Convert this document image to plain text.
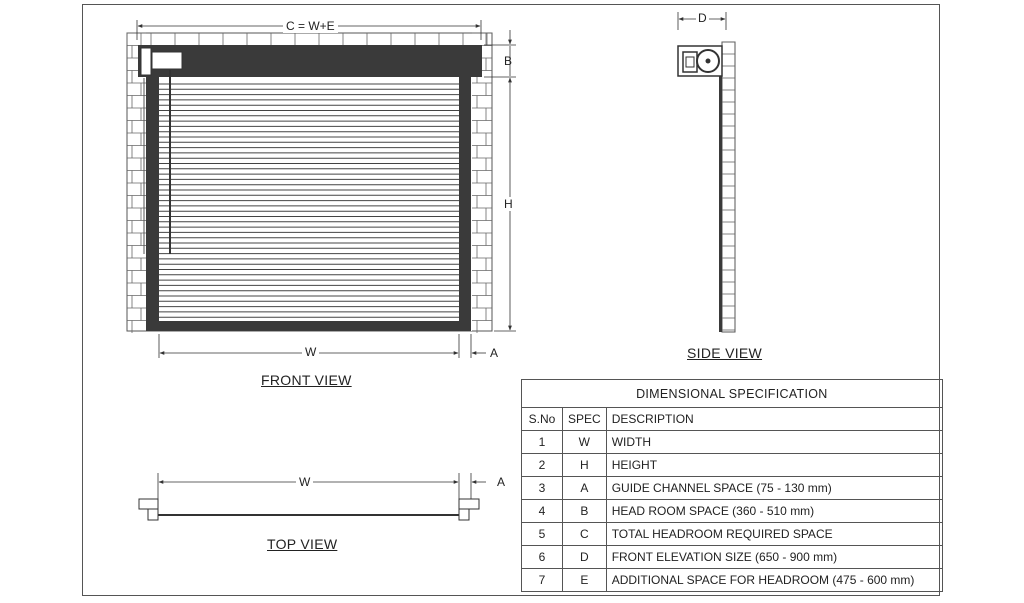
C = W+E
B
H
W	A
D
W	A
FRONT VIEW
SIDE VIEW
TOP VIEW
DIMENSIONAL SPECIFICATION		
S.No	SPEC	DESCRIPTION
1	W	WIDTH
2	H	HEIGHT
3	A	GUIDE CHANNEL SPACE (75 - 130 mm)
4	B	HEAD ROOM SPACE (360 - 510 mm)
5	C	TOTAL HEADROOM REQUIRED SPACE
6	D	FRONT ELEVATION SIZE (650 - 900 mm)
7	E	ADDITIONAL SPACE FOR HEADROOM (475 - 600 mm)
